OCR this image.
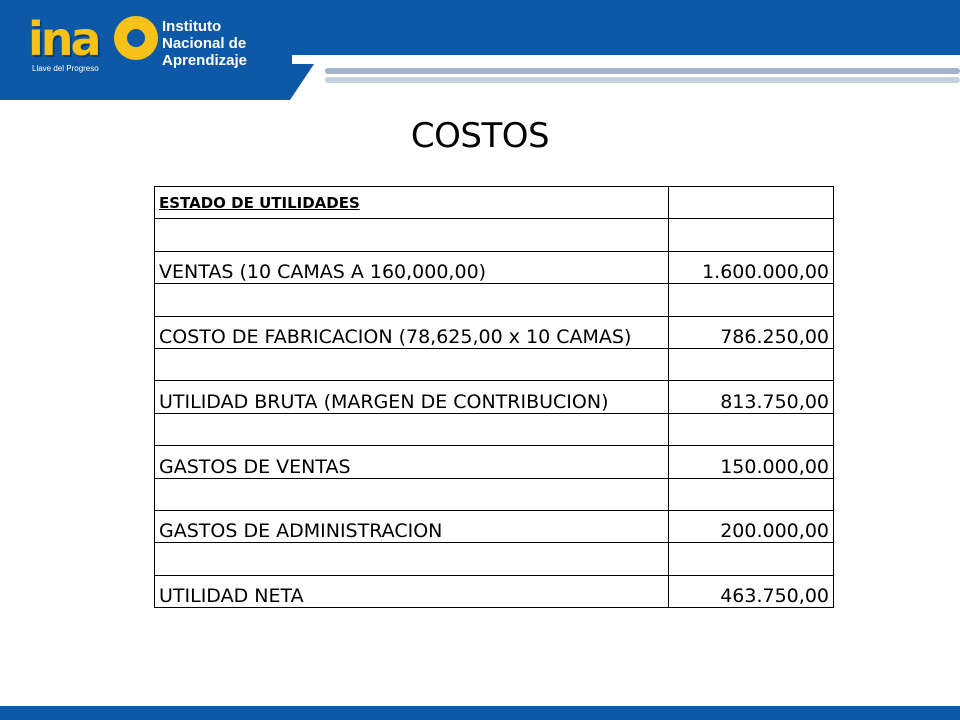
ina
Llave del Progreso
Instituto
Nacional de
Aprendizaje
COSTOS
ESTADO DE UTILIDADES	

VENTAS (10 CAMAS A 160,000,00)	1.600.000,00

COSTO DE FABRICACION (78,625,00 x 10 CAMAS)	786.250,00

UTILIDAD BRUTA (MARGEN DE CONTRIBUCION)	813.750,00

GASTOS DE VENTAS	150.000,00

GASTOS DE ADMINISTRACION	200.000,00

UTILIDAD NETA	463.750,00
